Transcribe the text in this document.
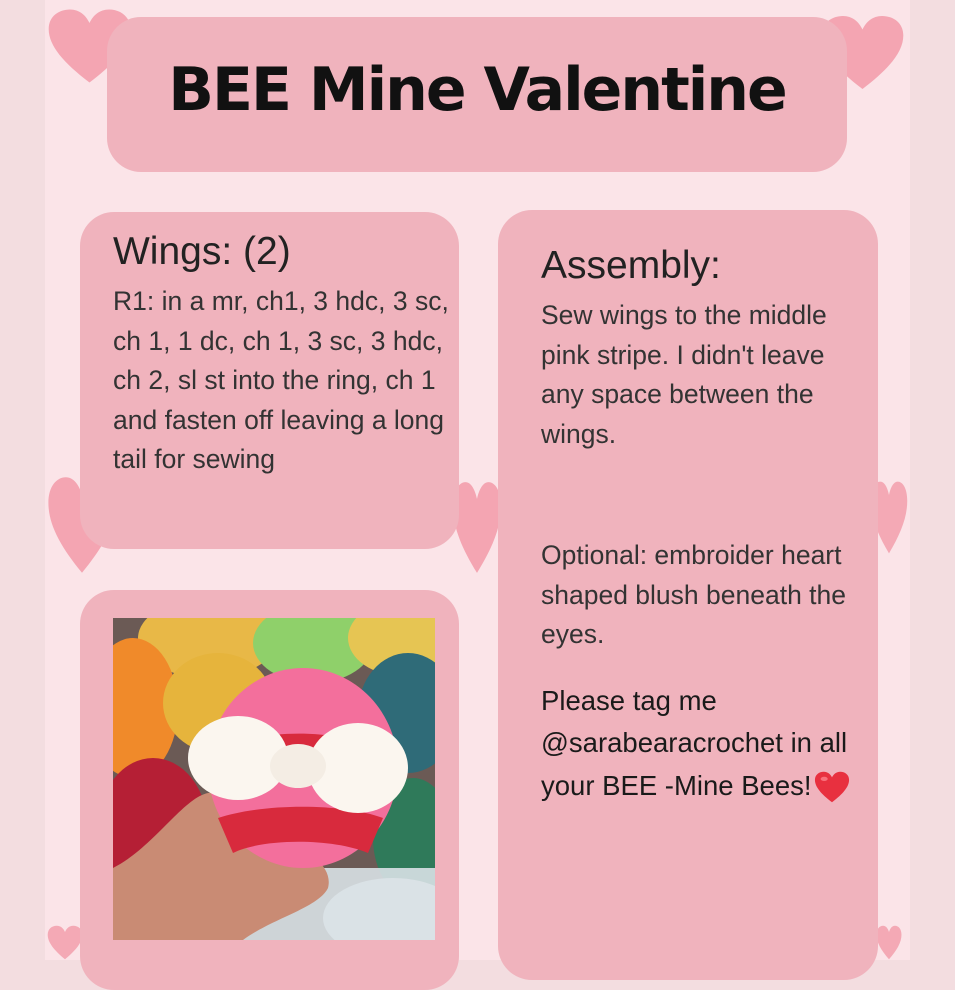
BEE Mine Valentine
Wings: (2)
R1: in a mr, ch1, 3 hdc, 3 sc, ch 1, 1 dc, ch 1, 3 sc, 3 hdc, ch 2, sl st into the ring, ch 1 and fasten off leaving a long tail for sewing
Assembly:
Sew wings to the middle pink stripe. I didn't leave any space between the wings.
Optional: embroider heart shaped blush beneath the eyes.
Please tag me @sarabearacrochet in all your BEE -Mine Bees!
